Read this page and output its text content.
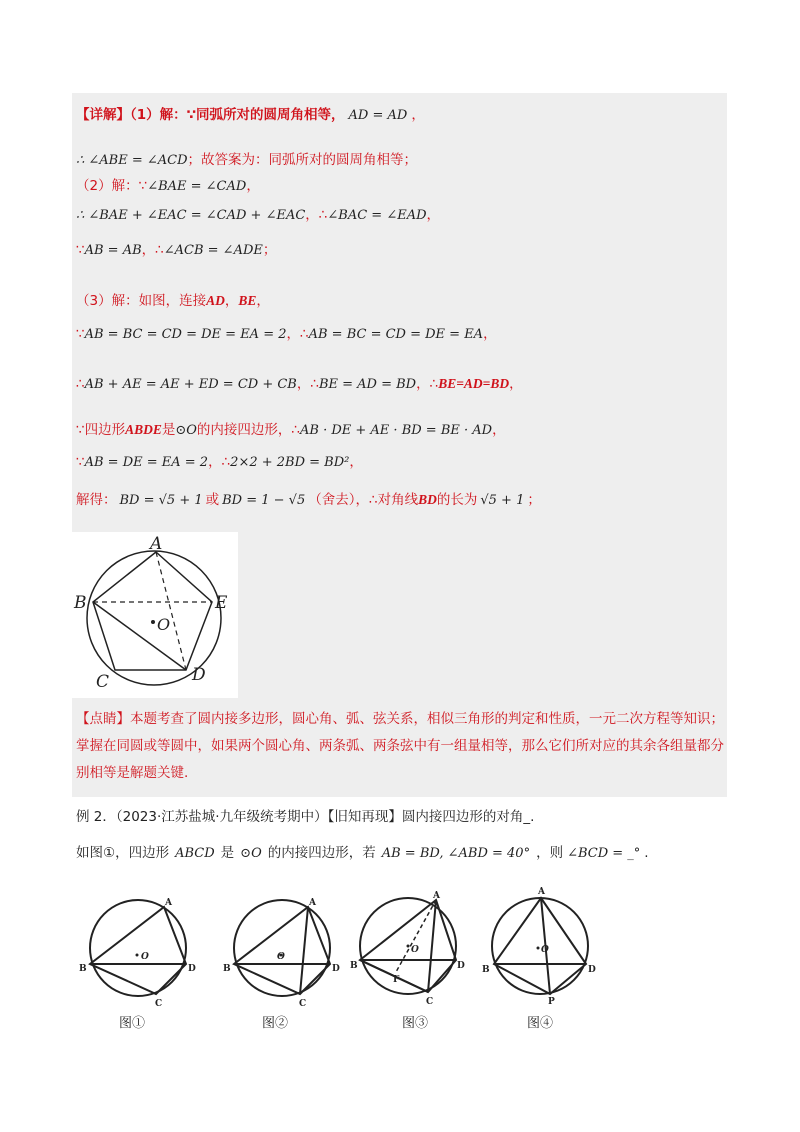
【详解】（1）解：∵同弧所对的圆周角相等， AD = AD ，
∴ ∠ABE = ∠ACD；故答案为：同弧所对的圆周角相等；
（2）解：∵∠BAE = ∠CAD，
∴ ∠BAE + ∠EAC = ∠CAD + ∠EAC，∴∠BAC = ∠EAD，
∵AB = AB，∴∠ACB = ∠ADE；
（3）解：如图，连接AD，BE，
∵AB = BC = CD = DE = EA = 2，∴AB = BC = CD = DE = EA，
∴AB + AE = AE + ED = CD + CB，∴BE = AD = BD，∴BE=AD=BD，
∵四边形ABDE是⊙O的内接四边形，∴AB · DE + AE · BD = BE · AD，
∵AB = DE = EA = 2，∴2×2 + 2BD = BD²，
解得： BD = √5 + 1 或 BD = 1 − √5 （舍去），∴对角线BD的长为 √5 + 1 ；
A
B	E
C	D
O
【点睛】本题考查了圆内接多边形，圆心角、弧、弦关系，相似三角形的判定和性质，一元二次方程等知识；掌握在同圆或等圆中，如果两个圆心角、两条弧、两条弦中有一组量相等，那么它们所对应的其余各组量都分别相等是解题关键.
例 2．（2023·江苏盐城·九年级统考期中）【旧知再现】圆内接四边形的对角_.
如图①，四边形 ABCD 是 ⊙O 的内接四边形，若 AB = BD, ∠ABD = 40° ，则 ∠BCD = _° .
A
B	D
C
O
图①
A
B	D
C
O
图②
A
B	D
C
O
F
图③
A
B	D
P
O
图④
